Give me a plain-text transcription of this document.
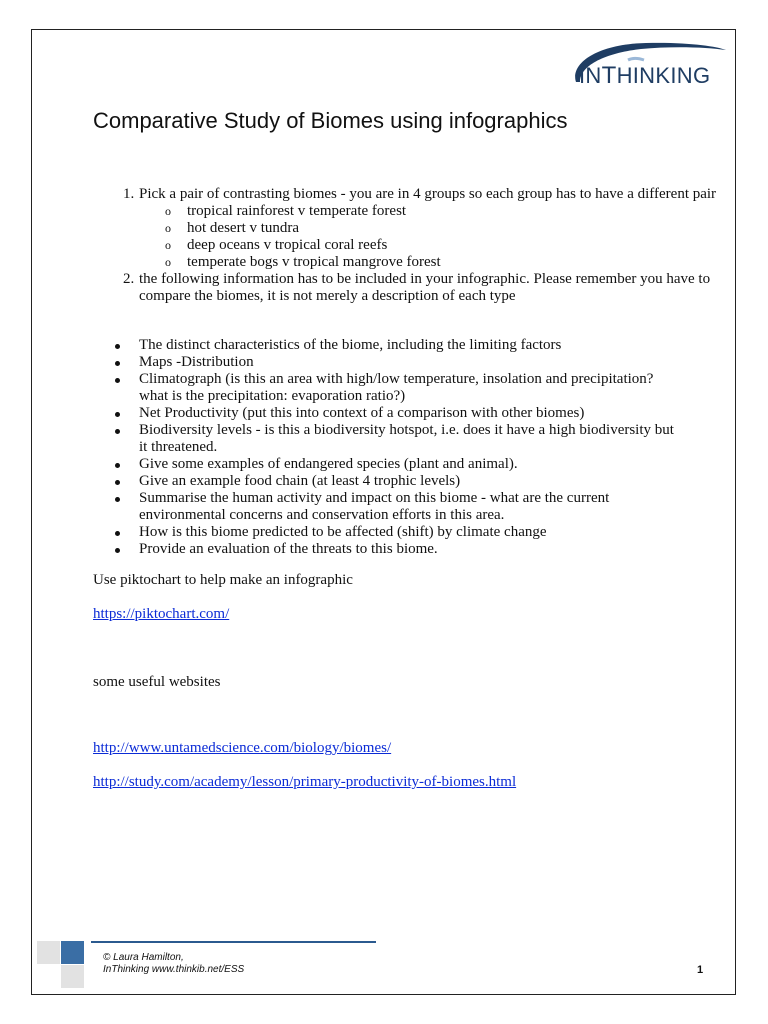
INTHINKING
Comparative Study of Biomes using infographics
1. Pick a pair of contrasting biomes - you are in 4 groups so each group has to have a different pair
o tropical rainforest v temperate forest
o hot desert v tundra
o deep oceans v tropical coral reefs
o temperate bogs v tropical mangrove forest
2. the following information has to be included in your infographic. Please remember you have to compare the biomes, it is not merely a description of each type
The distinct characteristics of the biome, including the limiting factors
Maps -Distribution
Climatograph (is this an area with high/low temperature, insolation and precipitation? what is the precipitation: evaporation ratio?)
Net Productivity (put this into context of a comparison with other biomes)
Biodiversity levels - is this a biodiversity hotspot, i.e. does it have a high biodiversity but it threatened.
Give some examples of endangered species (plant and animal).
Give an example food chain (at least 4 trophic levels)
Summarise the human activity and impact on this biome - what are the current environmental concerns and conservation efforts in this area.
How is this biome predicted to be affected (shift) by climate change
Provide an evaluation of the threats to this biome.
Use piktochart to help make an infographic
https://piktochart.com/
some useful websites
http://www.untamedscience.com/biology/biomes/
http://study.com/academy/lesson/primary-productivity-of-biomes.html
© Laura Hamilton,
InThinking www.thinkib.net/ESS	1
